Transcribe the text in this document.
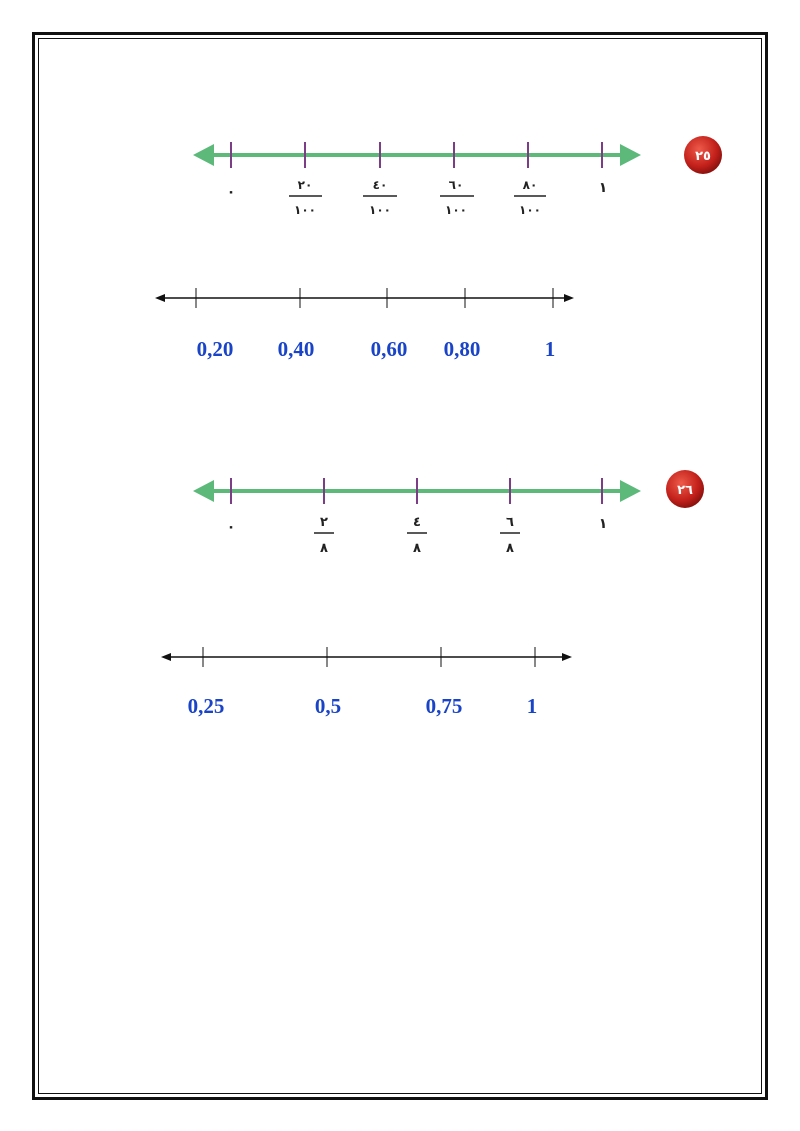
٠	٢٠
١٠٠
٤٠
١٠٠
٦٠
١٠٠
٨٠
١٠٠
١
٢٥
0,20 0,40	0,60 0,80	1
٠	٢
٨
٤
٨
٦
٨
١
٢٦
0,25	0,5	0,75	1
